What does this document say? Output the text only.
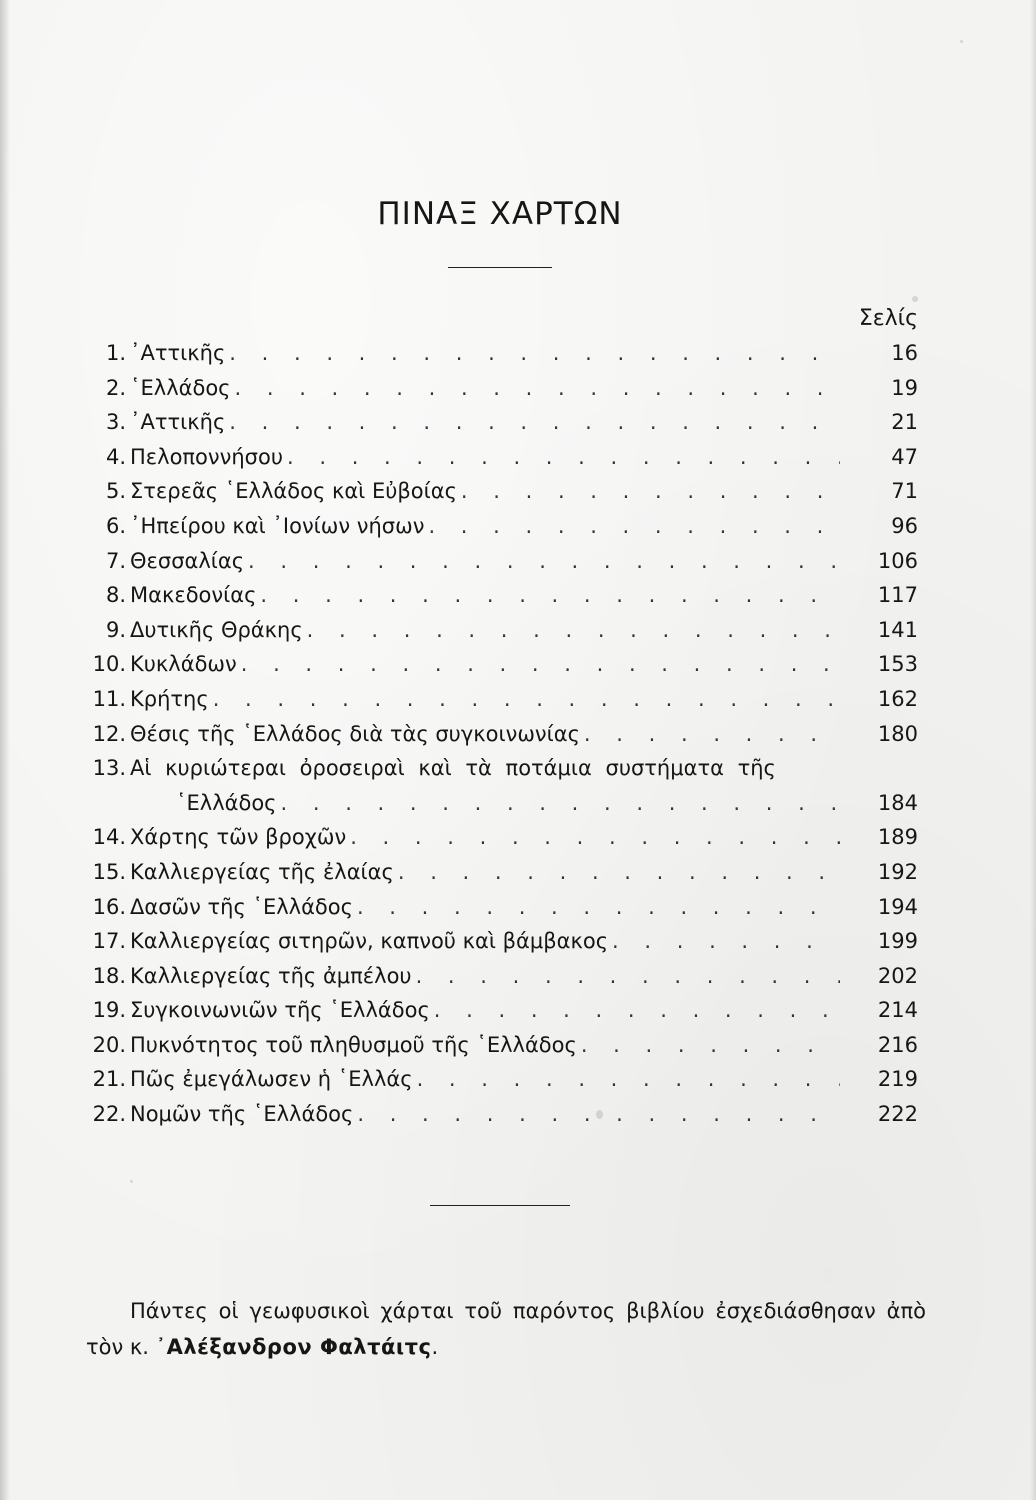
ΠΙΝΑΞ ΧΑΡΤΩΝ
Σελίς
1. ᾿Αττικῆς . . .	16
2. ῾Ελλάδος . . .	19
3. ᾿Αττικῆς . . .	21
4. Πελοποννήσου . . .	47
5. Στερεᾶς ῾Ελλάδος καὶ Εὐβοίας . . .	71
6. ᾿Ηπείρου καὶ ᾿Ιονίων νήσων . . .	96
7. Θεσσαλίας . . .	106
8. Μακεδονίας . . .	117
9. Δυτικῆς Θράκης . . .	141
10. Κυκλάδων . . .	153
11. Κρήτης . . .	162
12. Θέσις τῆς ῾Ελλάδος διὰ τὰς συγκοινωνίας . . .	180
13. Αἱ κυριώτεραι ὀροσειραὶ καὶ τὰ ποτάμια συστήματα τῆς
῾Ελλάδος . . .	184
14. Χάρτης τῶν βροχῶν . . .	189
15. Καλλιεργείας τῆς ἐλαίας . . .	192
16. Δασῶν τῆς ῾Ελλάδος . . .	194
17. Καλλιεργείας σιτηρῶν, καπνοῦ καὶ βάμβακος . . .	199
18. Καλλιεργείας τῆς ἀμπέλου . . .	202
19. Συγκοινωνιῶν τῆς ῾Ελλάδος . . .	214
20. Πυκνότητος τοῦ πληθυσμοῦ τῆς ῾Ελλάδος . . .	216
21. Πῶς ἐμεγάλωσεν ἡ ῾Ελλάς . . .	219
22. Νομῶν τῆς ῾Ελλάδος . . .	222

Πάντες οἱ γεωφυσικοὶ χάρται τοῦ παρόντος βιβλίου ἐσχεδιάσθησαν ἀπὸ τὸν κ. ᾿Αλέξανδρον Φαλτάιτς.
